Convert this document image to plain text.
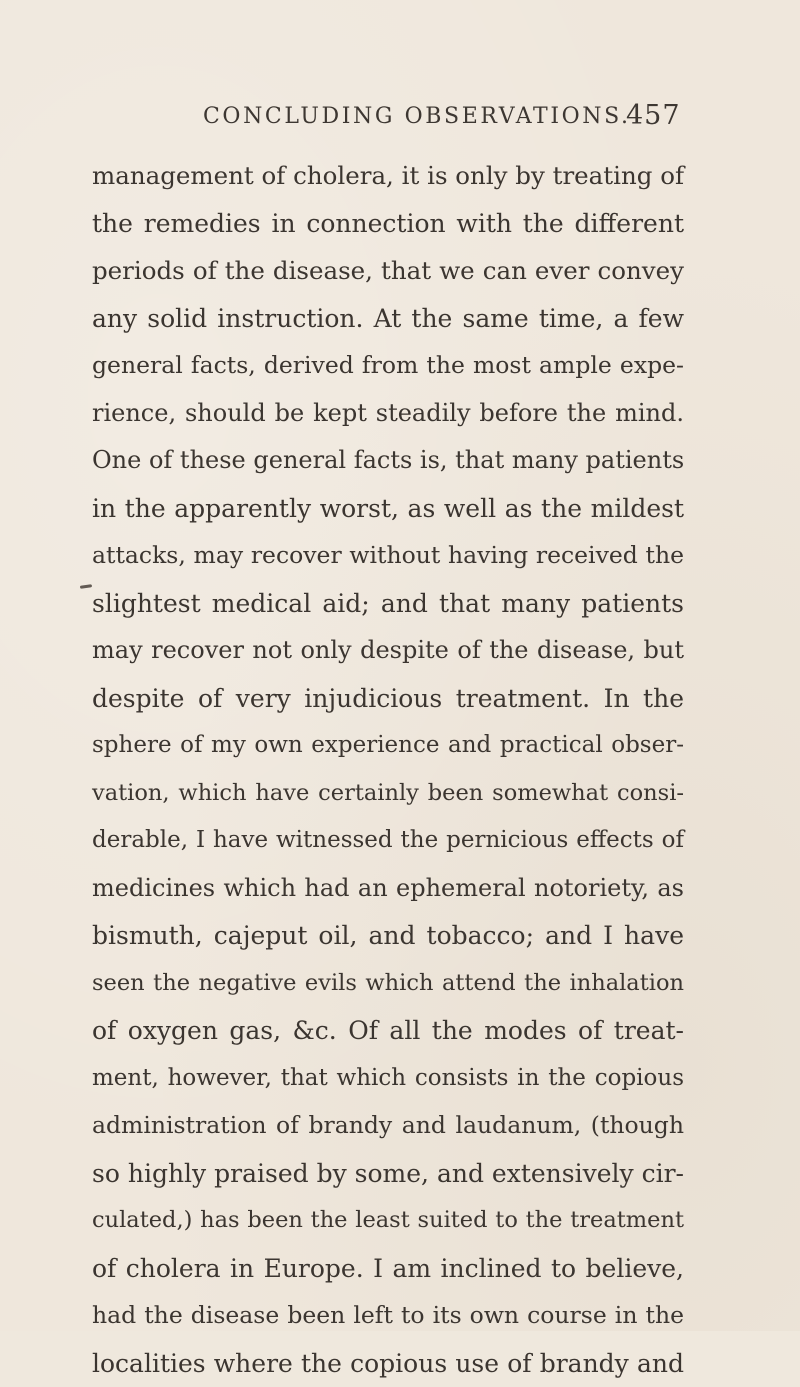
CONCLUDING OBSERVATIONS.
457
management of cholera, it is only by treating of
the remedies in connection with the different
periods of the disease, that we can ever convey
any solid instruction. At the same time, a few
general facts, derived from the most ample expe-
rience, should be kept steadily before the mind.
One of these general facts is, that many patients
in the apparently worst, as well as the mildest
attacks, may recover without having received the
slightest medical aid; and that many patients
may recover not only despite of the disease, but
despite of very injudicious treatment. In the
sphere of my own experience and practical obser-
vation, which have certainly been somewhat consi-
derable, I have witnessed the pernicious effects of
medicines which had an ephemeral notoriety, as
bismuth, cajeput oil, and tobacco; and I have
seen the negative evils which attend the inhalation
of oxygen gas, &c. Of all the modes of treat-
ment, however, that which consists in the copious
administration of brandy and laudanum, (though
so highly praised by some, and extensively cir-
culated,) has been the least suited to the treatment
of cholera in Europe. I am inclined to believe,
had the disease been left to its own course in the
localities where the copious use of brandy and
